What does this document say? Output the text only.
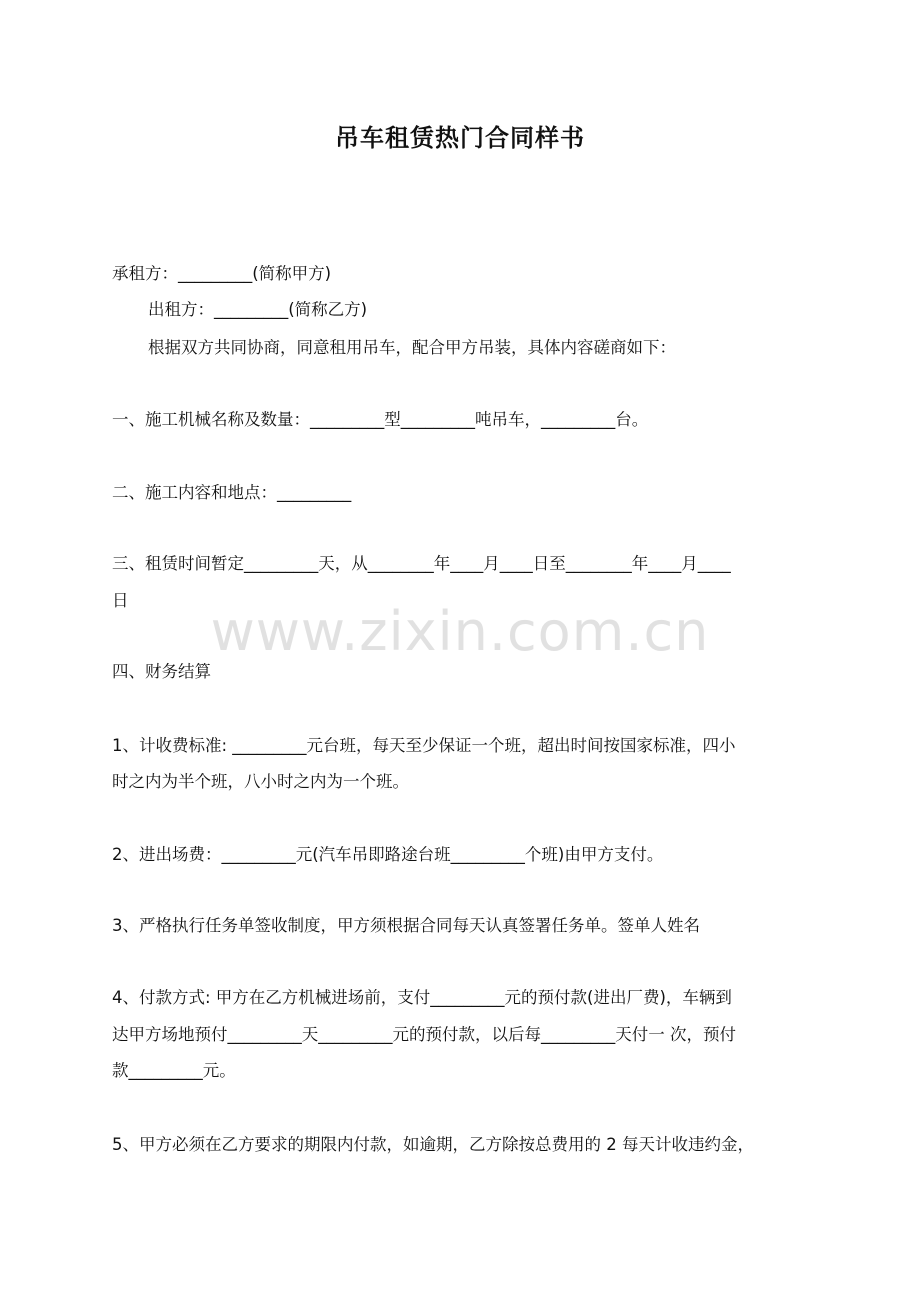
吊车租赁热门合同样书
承租方：_________(简称甲方)
出租方：_________(简称乙方)
根据双方共同协商，同意租用吊车，配合甲方吊装，具体内容磋商如下：
一、施工机械名称及数量：_________型_________吨吊车，_________台。
二、施工内容和地点：_________
三、租赁时间暂定_________天，从________年____月____日至________年____月____
日
四、财务结算
1、计收费标准: _________元台班，每天至少保证一个班，超出时间按国家标准，四小
时之内为半个班，八小时之内为一个班。
2、进出场费：_________元(汽车吊即路途台班_________个班)由甲方支付。
3、严格执行任务单签收制度，甲方须根据合同每天认真签署任务单。签单人姓名
4、付款方式: 甲方在乙方机械进场前，支付_________元的预付款(进出厂费)，车辆到
达甲方场地预付_________天_________元的预付款，以后每_________天付一 次，预付
款_________元。
5、甲方必须在乙方要求的期限内付款，如逾期，乙方除按总费用的 2 每天计收违约金，
www.zixin.com.cn
